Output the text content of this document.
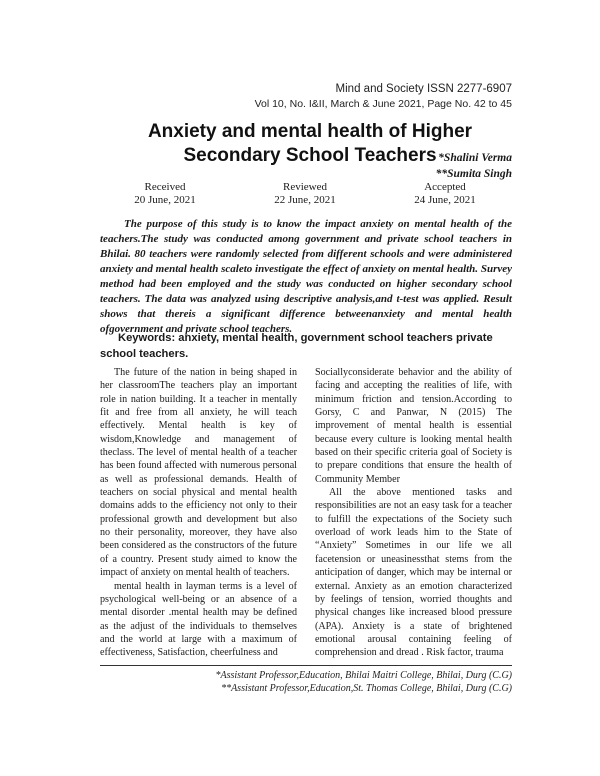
Mind and Society ISSN 2277-6907
Vol 10, No. I&II, March & June 2021, Page No. 42 to 45
Anxiety and mental health of Higher Secondary School Teachers *Shalini Verma
**Sumita Singh
Received
20 June, 2021
Reviewed
22 June, 2021
Accepted
24 June, 2021

The purpose of this study is to know the impact anxiety on mental health of the teachers.The study was conducted among government and private school teachers in Bhilai. 80 teachers were randomly selected from different schools and were administered anxiety and mental health scaleto investigate the effect of anxiety on mental health. Survey method had been employed and the study was conducted on higher secondary school teachers. The data was analyzed using descriptive analysis,and t-test was applied. Result shows that thereis a significant difference betweenanxiety and mental health ofgovernment and private school teachers.

Keywords: anxiety, mental health, government school teachers private school teachers.

The future of the nation in being shaped in her classroomThe teachers play an important role in nation building. It a teacher in mentally fit and free from all anxiety, he will teach effectively. Mental health is key of wisdom,Knowledge and management of theclass. The level of mental health of a teacher has been found affected with numerous personal as well as professional demands. Health of teachers on social physical and mental health domains adds to the efficiency not only to their professional growth and development but also no their personality, moreover, they have also been considered as the constructors of the future of a country. Present study aimed to know the impact of anxiety on mental health of teachers.

mental health in layman terms is a level of psychological well-being or an absence of a mental disorder .mental health may be defined as the adjust of the individuals to themselves and the world at large with a maximum of effectiveness, Satisfaction, cheerfulness and

Sociallyconsiderate behavior and the ability of facing and accepting the realities of life, with minimum friction and tension.According to Gorsy, C and Panwar, N (2015) The improvement of mental health is essential because every culture is looking mental health based on their specific criteria goal of Society is to prepare conditions that ensure the health of Community Member

All the above mentioned tasks and responsibilities are not an easy task for a teacher to fulfill the expectations of the Society such overload of work leads him to the State of “Anxiety” Sometimes in our life we all facetension or uneasinessthat stems from the anticipation of danger, which may be internal or external. Anxiety as an emotion characterized by feelings of tension, worried thoughts and physical changes like increased blood pressure (APA). Anxiety is a state of brightened emotional arousal containing feeling of comprehension and dread . Risk factor, trauma

*Assistant Professor,Education, Bhilai Maitri College, Bhilai, Durg (C.G)
**Assistant Professor,Education,St. Thomas College, Bhilai, Durg (C.G)
